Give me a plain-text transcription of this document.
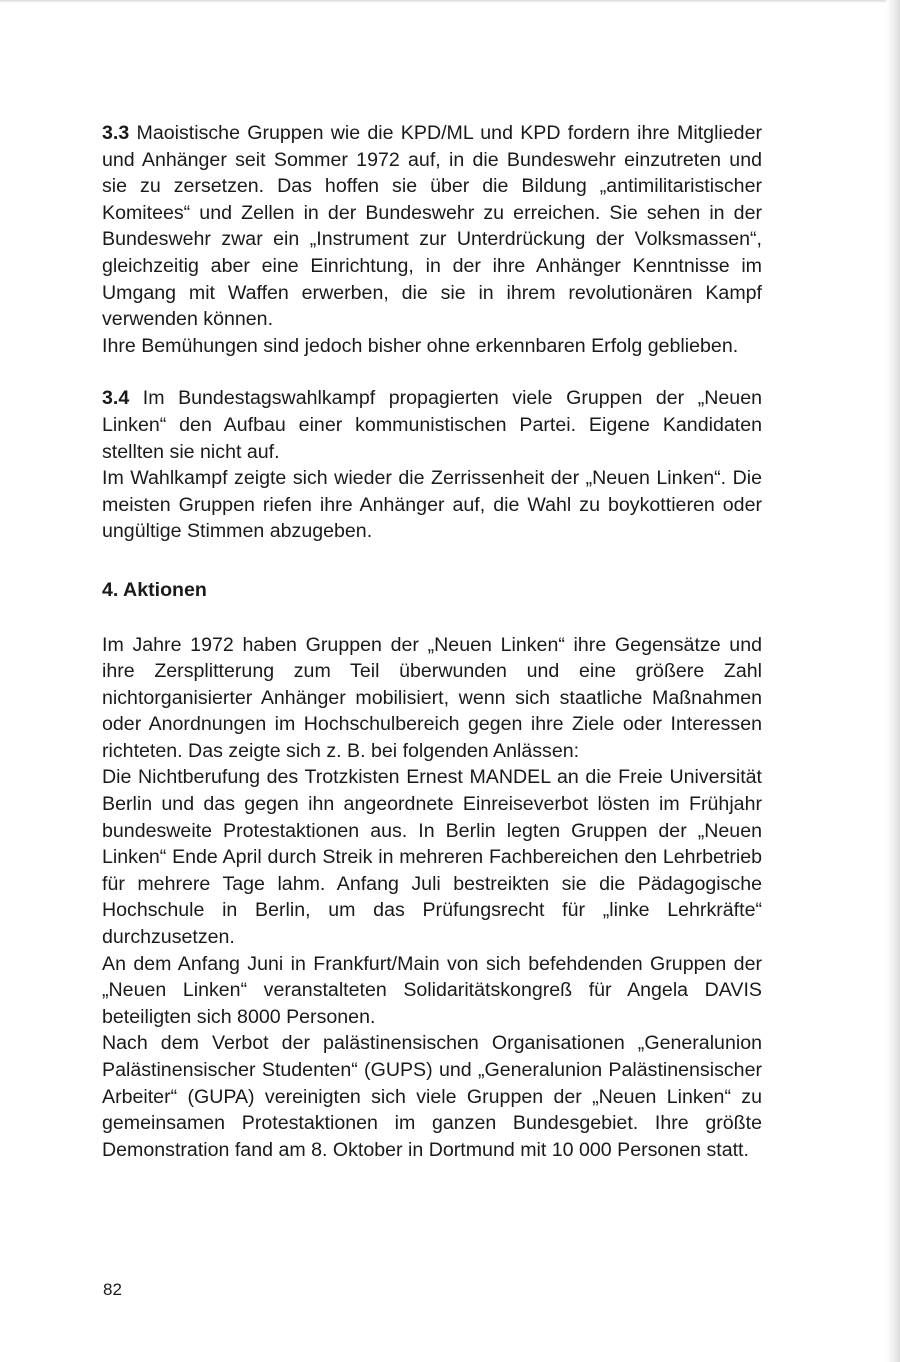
3.3 Maoistische Gruppen wie die KPD/ML und KPD fordern ihre Mitglieder und Anhänger seit Sommer 1972 auf, in die Bundeswehr einzutreten und sie zu zersetzen. Das hoffen sie über die Bildung „antimilitaristischer Komitees“ und Zellen in der Bundeswehr zu erreichen. Sie sehen in der Bundeswehr zwar ein „Instrument zur Unterdrückung der Volksmassen“, gleichzeitig aber eine Einrichtung, in der ihre Anhänger Kenntnisse im Umgang mit Waffen erwerben, die sie in ihrem revolutionären Kampf verwenden können.

Ihre Bemühungen sind jedoch bisher ohne erkennbaren Erfolg geblieben.

3.4 Im Bundestagswahlkampf propagierten viele Gruppen der „Neuen Linken“ den Aufbau einer kommunistischen Partei. Eigene Kandidaten stellten sie nicht auf.

Im Wahlkampf zeigte sich wieder die Zerrissenheit der „Neuen Linken“. Die meisten Gruppen riefen ihre Anhänger auf, die Wahl zu boykottieren oder ungültige Stimmen abzugeben.

4. Aktionen

Im Jahre 1972 haben Gruppen der „Neuen Linken“ ihre Gegensätze und ihre Zersplitterung zum Teil überwunden und eine größere Zahl nichtorganisierter Anhänger mobilisiert, wenn sich staatliche Maßnahmen oder Anordnungen im Hochschulbereich gegen ihre Ziele oder Interessen richteten. Das zeigte sich z. B. bei folgenden Anlässen:

Die Nichtberufung des Trotzkisten Ernest MANDEL an die Freie Universität Berlin und das gegen ihn angeordnete Einreiseverbot lösten im Frühjahr bundesweite Protestaktionen aus. In Berlin legten Gruppen der „Neuen Linken“ Ende April durch Streik in mehreren Fachbereichen den Lehrbetrieb für mehrere Tage lahm. Anfang Juli bestreikten sie die Pädagogische Hochschule in Berlin, um das Prüfungsrecht für „linke Lehrkräfte“ durchzusetzen.

An dem Anfang Juni in Frankfurt/Main von sich befehdenden Gruppen der „Neuen Linken“ veranstalteten Solidaritätskongreß für Angela DAVIS beteiligten sich 8000 Personen.

Nach dem Verbot der palästinensischen Organisationen „Generalunion Palästinensischer Studenten“ (GUPS) und „Generalunion Palästinensischer Arbeiter“ (GUPA) vereinigten sich viele Gruppen der „Neuen Linken“ zu gemeinsamen Protestaktionen im ganzen Bundesgebiet. Ihre größte Demonstration fand am 8. Oktober in Dortmund mit 10 000 Personen statt.

82
